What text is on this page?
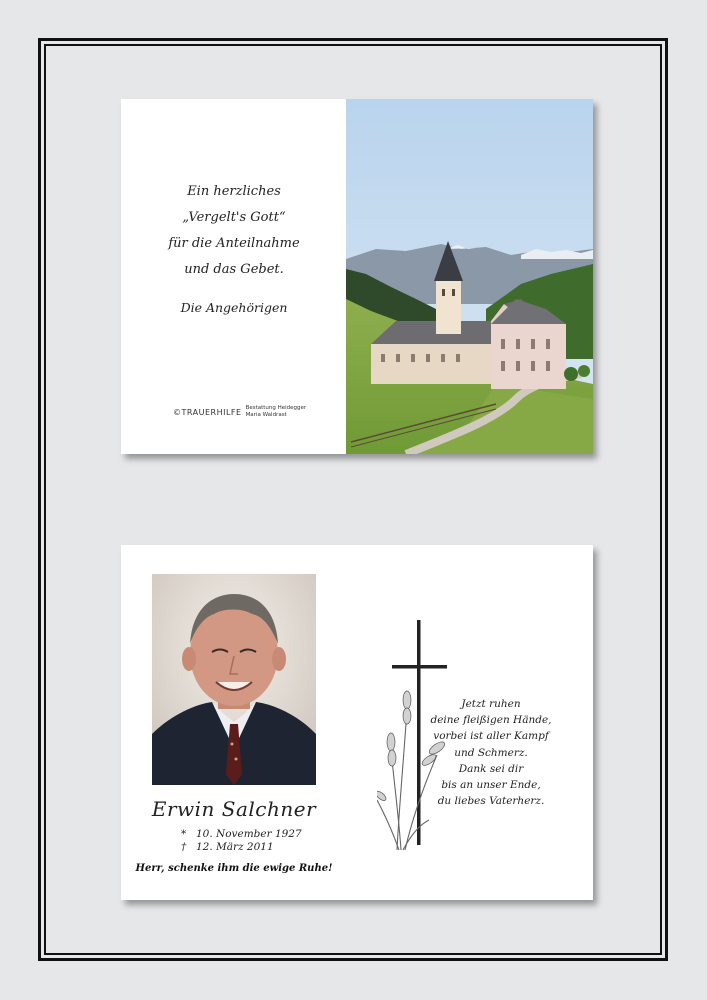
Ein herzliches
„Vergelt's Gott“
für die Anteilnahme
und das Gebet.
Die Angehörigen
©TRAUERHILFE Bestattung Heidegger
Maria Waldrast
Erwin Salchner
* 10. November 1927
† 12. März 2011
Herr, schenke ihm die ewige Ruhe!
Jetzt ruhen
deine fleißigen Hände,
vorbei ist aller Kampf
und Schmerz.
Dank sei dir
bis an unser Ende,
du liebes Vaterherz.
